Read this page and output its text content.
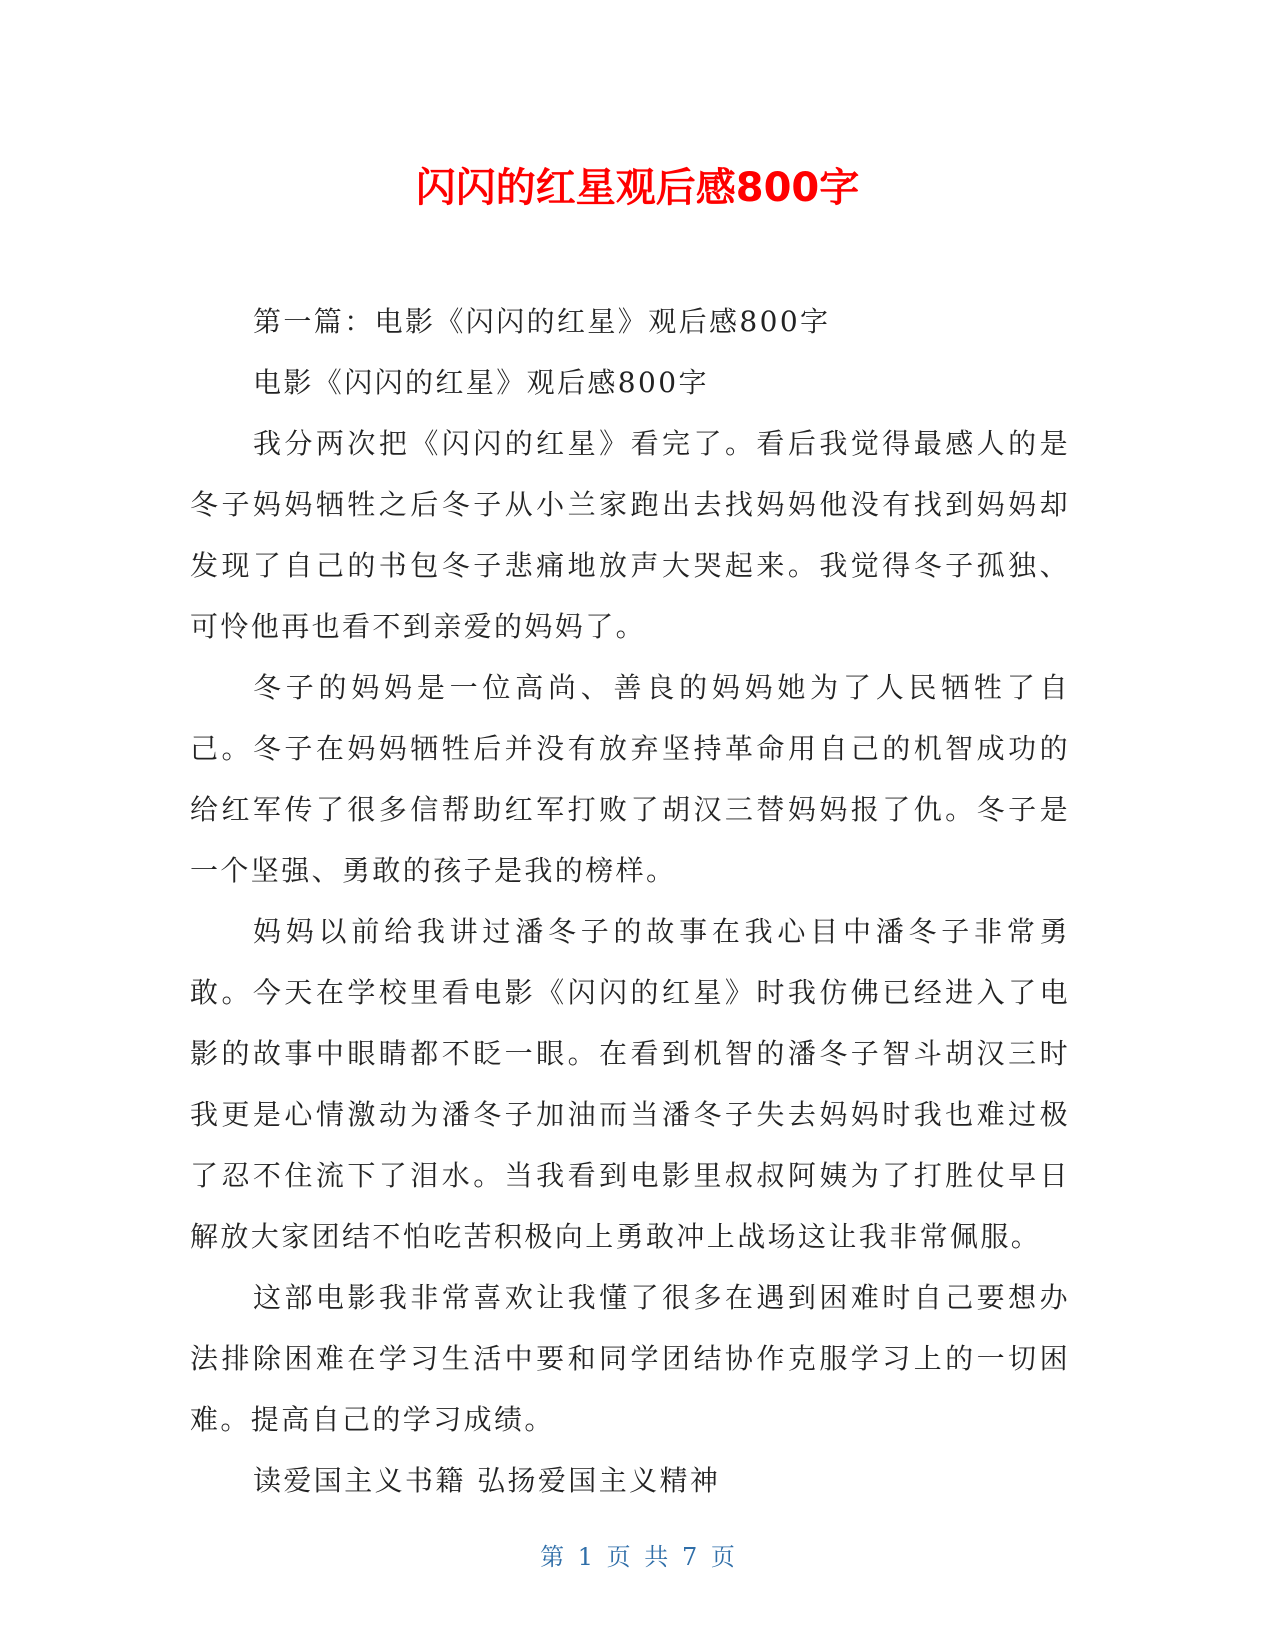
闪闪的红星观后感800字

第一篇：电影《闪闪的红星》观后感800字

电影《闪闪的红星》观后感800字

我分两次把《闪闪的红星》看完了。看后我觉得最感人的是冬子妈妈牺牲之后冬子从小兰家跑出去找妈妈他没有找到妈妈却发现了自己的书包冬子悲痛地放声大哭起来。我觉得冬子孤独、可怜他再也看不到亲爱的妈妈了。

冬子的妈妈是一位高尚、善良的妈妈她为了人民牺牲了自己。冬子在妈妈牺牲后并没有放弃坚持革命用自己的机智成功的给红军传了很多信帮助红军打败了胡汉三替妈妈报了仇。冬子是一个坚强、勇敢的孩子是我的榜样。

妈妈以前给我讲过潘冬子的故事在我心目中潘冬子非常勇敢。今天在学校里看电影《闪闪的红星》时我仿佛已经进入了电影的故事中眼睛都不眨一眼。在看到机智的潘冬子智斗胡汉三时我更是心情激动为潘冬子加油而当潘冬子失去妈妈时我也难过极了忍不住流下了泪水。当我看到电影里叔叔阿姨为了打胜仗早日解放大家团结不怕吃苦积极向上勇敢冲上战场这让我非常佩服。

这部电影我非常喜欢让我懂了很多在遇到困难时自己要想办法排除困难在学习生活中要和同学团结协作克服学习上的一切困难。提高自己的学习成绩。

读爱国主义书籍 弘扬爱国主义精神

第 1 页 共 7 页
